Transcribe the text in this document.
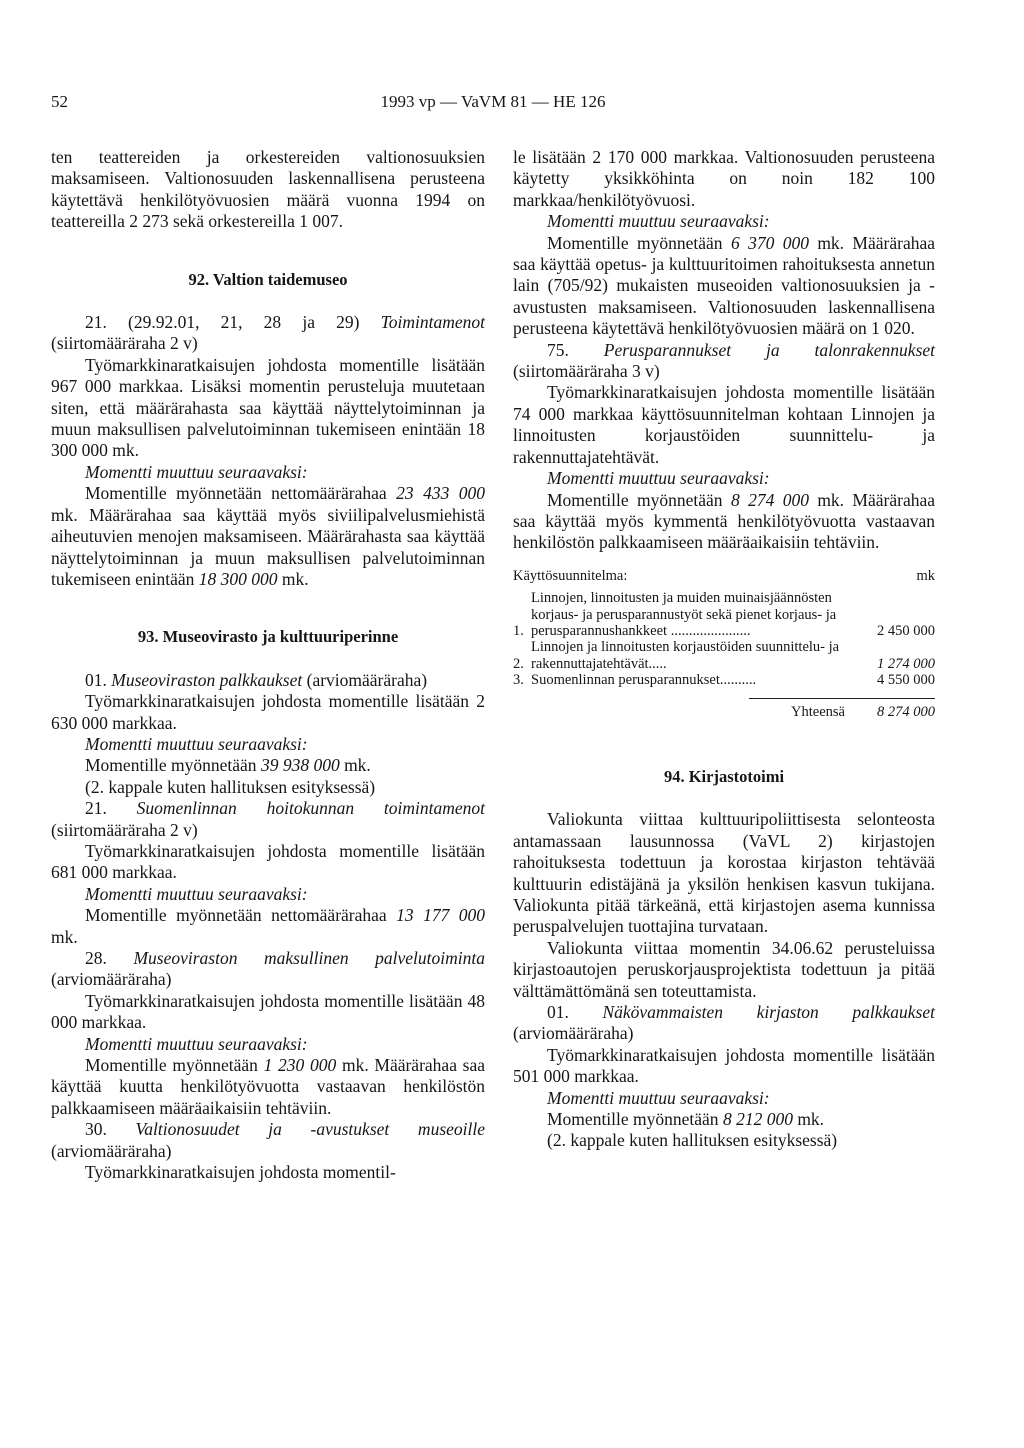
52	1993 vp — VaVM 81 — HE 126

ten teattereiden ja orkestereiden valtionosuuksien maksamiseen. Valtionosuuden laskennallisena perusteena käytettävä henkilötyövuosien määrä vuonna 1994 on teattereilla 2 273 sekä orkestereilla 1 007.

92. Valtion taidemuseo

21. (29.92.01, 21, 28 ja 29) Toimintamenot (siirtomääräraha 2 v)

Työmarkkinaratkaisujen johdosta momentille lisätään 967 000 markkaa. Lisäksi momentin perusteluja muutetaan siten, että määrärahasta saa käyttää näyttelytoiminnan ja muun maksullisen palvelutoiminnan tukemiseen enintään 18 300 000 mk.

Momentti muuttuu seuraavaksi:

Momentille myönnetään nettomäärärahaa 23 433 000 mk. Määrärahaa saa käyttää myös siviilipalvelusmiehistä aiheutuvien menojen maksamiseen. Määrärahasta saa käyttää näyttelytoiminnan ja muun maksullisen palvelutoiminnan tukemiseen enintään 18 300 000 mk.

93. Museovirasto ja kulttuuriperinne

01. Museoviraston palkkaukset (arviomääräraha)

Työmarkkinaratkaisujen johdosta momentille lisätään 2 630 000 markkaa.

Momentti muuttuu seuraavaksi:

Momentille myönnetään 39 938 000 mk.

(2. kappale kuten hallituksen esityksessä)

21. Suomenlinnan hoitokunnan toimintamenot (siirtomääräraha 2 v)

Työmarkkinaratkaisujen johdosta momentille lisätään 681 000 markkaa.

Momentti muuttuu seuraavaksi:

Momentille myönnetään nettomäärärahaa 13 177 000 mk.

28. Museoviraston maksullinen palvelutoiminta (arviomääräraha)

Työmarkkinaratkaisujen johdosta momentille lisätään 48 000 markkaa.

Momentti muuttuu seuraavaksi:

Momentille myönnetään 1 230 000 mk. Määrärahaa saa käyttää kuutta henkilötyövuotta vastaavan henkilöstön palkkaamiseen määräaikaisiin tehtäviin.

30. Valtionosuudet ja -avustukset museoille (arviomääräraha)

Työmarkkinaratkaisujen johdosta momentil-

le lisätään 2 170 000 markkaa. Valtionosuuden perusteena käytetty yksikköhinta on noin 182 100 markkaa/henkilötyövuosi.

Momentti muuttuu seuraavaksi:

Momentille myönnetään 6 370 000 mk. Määrärahaa saa käyttää opetus- ja kulttuuritoimen rahoituksesta annetun lain (705/92) mukaisten museoiden valtionosuuksien ja -avustusten maksamiseen. Valtionosuuden laskennallisena perusteena käytettävä henkilötyövuosien määrä on 1 020.

75. Perusparannukset ja talonrakennukset (siirtomääräraha 3 v)

Työmarkkinaratkaisujen johdosta momentille lisätään 74 000 markkaa käyttösuunnitelman kohtaan Linnojen ja linnoitusten korjaustöiden suunnittelu- ja rakennuttajatehtävät.

Momentti muuttuu seuraavaksi:

Momentille myönnetään 8 274 000 mk. Määrärahaa saa käyttää myös kymmentä henkilötyövuotta vastaavan henkilöstön palkkaamiseen määräaikaisiin tehtäviin.

Käyttösuunnitelma:	mk
1.
Linnojen, linnoitusten ja muiden muinaisjäännösten korjaus- ja perusparannustyöt sekä pienet korjaus- ja perusparannushankkeet ......................	2 450 000
2.
Linnojen ja linnoitusten korjaustöiden suunnittelu- ja rakennuttajatehtävät.....	1 274 000
3. Suomenlinnan perusparannukset..........	4 550 000
Yhteensä	8 274 000
94. Kirjastotoimi

Valiokunta viittaa kulttuuripoliittisesta selonteosta antamassaan lausunnossa (VaVL 2) kirjastojen rahoituksesta todettuun ja korostaa kirjaston tehtävää kulttuurin edistäjänä ja yksilön henkisen kasvun tukijana. Valiokunta pitää tärkeänä, että kirjastojen asema kunnissa peruspalvelujen tuottajina turvataan.

Valiokunta viittaa momentin 34.06.62 perusteluissa kirjastoautojen peruskorjausprojektista todettuun ja pitää välttämättömänä sen toteuttamista.

01. Näkövammaisten kirjaston palkkaukset (arviomääräraha)

Työmarkkinaratkaisujen johdosta momentille lisätään 501 000 markkaa.

Momentti muuttuu seuraavaksi:

Momentille myönnetään 8 212 000 mk.

(2. kappale kuten hallituksen esityksessä)
